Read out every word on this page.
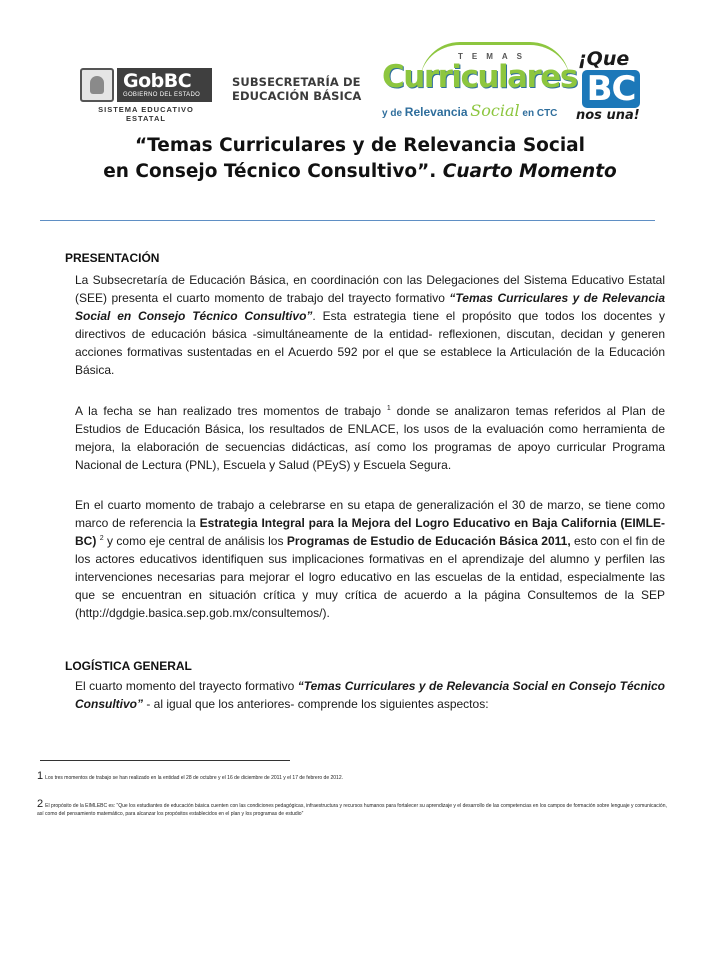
GobBC
GOBIERNO DEL ESTADO
SISTEMA EDUCATIVO ESTATAL
SUBSECRETARÍA DE
EDUCACIÓN BÁSICA
TEMAS
Curriculares
y de Relevancia Social en CTC
¡Que
BC
nos una!
“Temas Curriculares y de Relevancia Social
en Consejo Técnico Consultivo”. Cuarto Momento
PRESENTACIÓN

La Subsecretaría de Educación Básica, en coordinación con las Delegaciones del Sistema Educativo Estatal (SEE) presenta el cuarto momento de trabajo del trayecto formativo “Temas Curriculares y de Relevancia Social en Consejo Técnico Consultivo”. Esta estrategia tiene el propósito que todos los docentes y directivos de educación básica -simultáneamente de la entidad- reflexionen, discutan, decidan y generen acciones formativas sustentadas en el Acuerdo 592 por el que se establece la Articulación de la Educación Básica.

A la fecha se han realizado tres momentos de trabajo $^1$ donde se analizaron temas referidos al Plan de Estudios de Educación Básica, los resultados de ENLACE, los usos de la evaluación como herramienta de mejora, la elaboración de secuencias didácticas, así como los programas de apoyo curricular Programa Nacional de Lectura (PNL), Escuela y Salud (PEyS) y Escuela Segura.

En el cuarto momento de trabajo a celebrarse en su etapa de generalización el 30 de marzo, se tiene como marco de referencia la Estrategia Integral para la Mejora del Logro Educativo en Baja California (EIMLE-BC) $^2$ y como eje central de análisis los Programas de Estudio de Educación Básica 2011, esto con el fin de los actores educativos identifiquen sus implicaciones formativas en el aprendizaje del alumno y perfilen las intervenciones necesarias para mejorar el logro educativo en las escuelas de la entidad, especialmente las que se encuentran en situación crítica y muy crítica de acuerdo a la página Consultemos de la SEP (http://dgdgie.basica.sep.gob.mx/consultemos/).

LOGÍSTICA GENERAL

El cuarto momento del trayecto formativo “Temas Curriculares y de Relevancia Social en Consejo Técnico Consultivo” - al igual que los anteriores- comprende los siguientes aspectos:

1 Los tres momentos de trabajo se han realizado en la entidad el 28 de octubre y el 16 de diciembre de 2011 y el 17 de febrero de 2012.
2 El propósito de la EIMLEBC es: “Que los estudiantes de educación básica cuenten con las condiciones pedagógicas, infraestructura y recursos humanos para fortalecer su aprendizaje y el desarrollo de las competencias en los campos de formación sobre lenguaje y comunicación, así como del pensamiento matemático, para alcanzar los propósitos establecidos en el plan y los programas de estudio”
